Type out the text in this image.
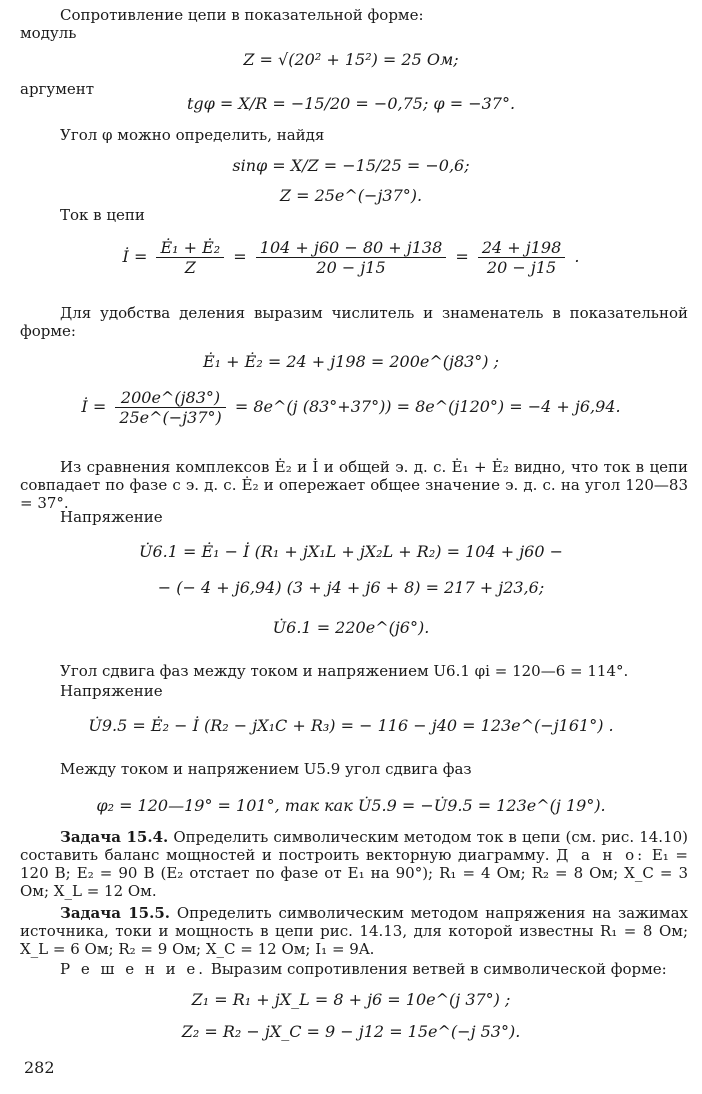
Сопротивление цепи в показательной форме:
модуль
Z = √(20² + 15²) = 25 Ом;
аргумент
tgφ = X/R = −15/20 = −0,75; φ = −37°.
Угол φ можно определить, найдя
sinφ = X/Z = −15/25 = −0,6;
Z = 25e^(−j37°).
Ток в цепи
İ = $\frac{\text{Ė₁ + Ė₂}}{Z} = \frac{104 + j60 - 80 + j138}{20 - j15} = \frac{24 + j198}{20 - j15}$ .
Для удобства деления выразим числитель и знаменатель в показательной форме:
Ė₁ + Ė₂ = 24 + j198 = 200e^(j83°) ;
İ = $\frac{200e\^{}(j83^\circ)}{25e\^{}(-j37^\circ)}$ = 8e^(j (83°+37°)) = 8e^(j120°) = −4 + j6,94.
Из сравнения комплексов Ė₂ и İ и общей э. д. с. Ė₁ + Ė₂ видно, что ток в цепи совпадает по фазе с э. д. с. Ė₂ и опережает общее значение э. д. с. на угол 120—83 = 37°.
Напряжение
U̇6.1 = Ė₁ − İ (R₁ + jX₁L + jX₂L + R₂) = 104 + j60 −
− (− 4 + j6,94) (3 + j4 + j6 + 8) = 217 + j23,6;
U̇6.1 = 220e^(j6°).
Угол сдвига фаз между током и напряжением U6.1 φi = 120—6 = 114°.
Напряжение
U̇9.5 = Ė₂ − İ (R₂ − jX₁C + R₃) = − 116 − j40 = 123e^(−j161°) .
Между током и напряжением U5.9 угол сдвига фаз
φ₂ = 120—19° = 101°, так как U̇5.9 = −U̇9.5 = 123e^(j 19°).
Задача 15.4. Определить символическим методом ток в цепи (см. рис. 14.10) составить баланс мощностей и построить векторную диаграмму. Д а н о: E₁ = 120 В; E₂ = 90 В (E₂ отстает по фазе от E₁ на 90°); R₁ = 4 Ом; R₂ = 8 Ом; X_C = 3 Ом; X_L = 12 Ом.
Задача 15.5. Определить символическим методом напряжения на зажимах источника, токи и мощность в цепи рис. 14.13, для которой известны R₁ = 8 Ом; X_L = 6 Ом; R₂ = 9 Ом; X_C = 12 Ом; I₁ = 9A.
Р е ш е н и е. Выразим сопротивления ветвей в символической форме:
Z₁ = R₁ + jX_L = 8 + j6 = 10e^(j 37°) ;
Z₂ = R₂ − jX_C = 9 − j12 = 15e^(−j 53°).
282
